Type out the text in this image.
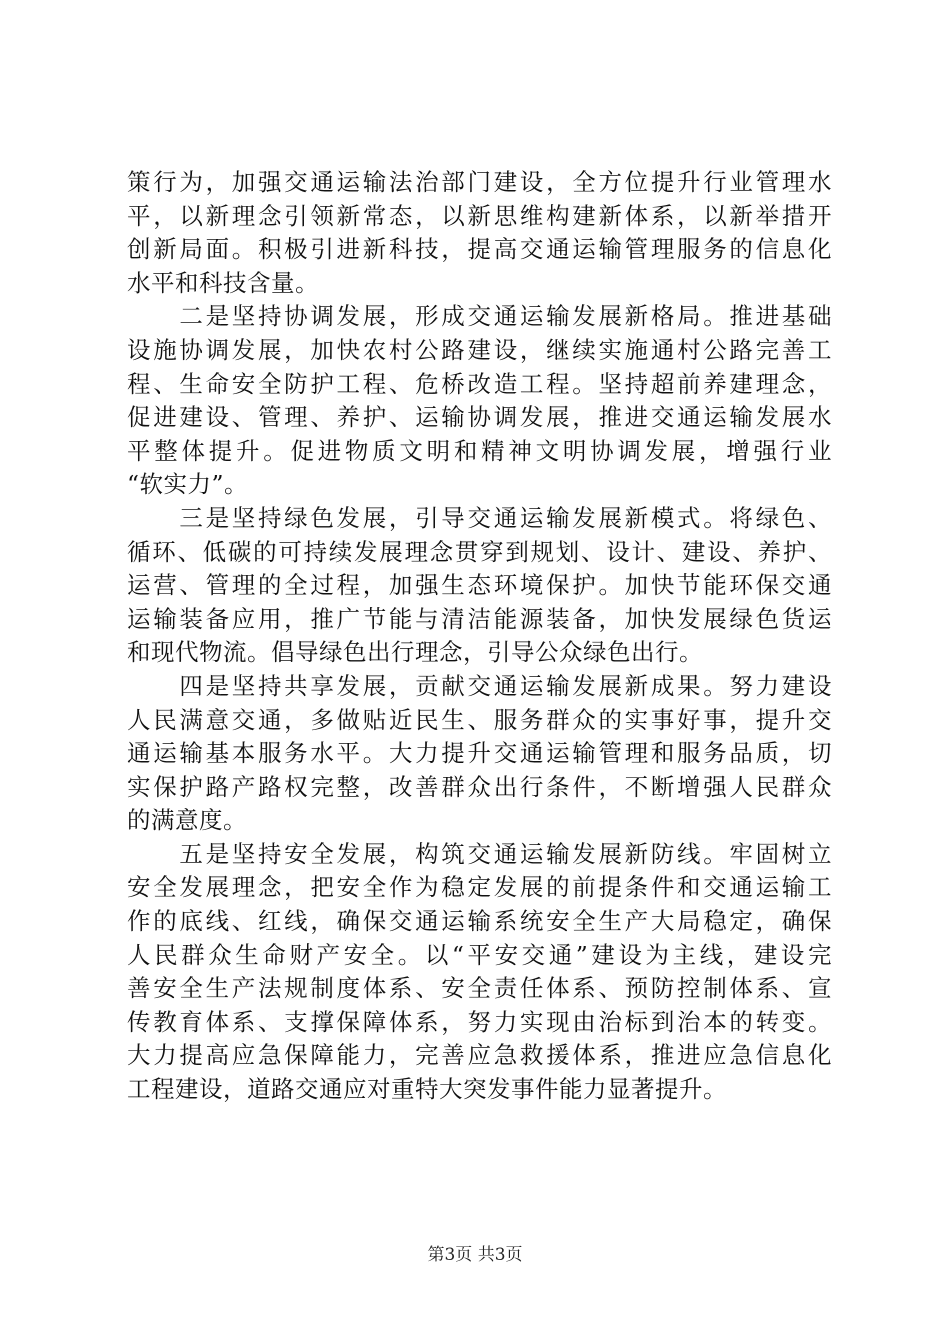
策行为，加强交通运输法治部门建设，全方位提升行业管理水
平，以新理念引领新常态，以新思维构建新体系，以新举措开
创新局面。积极引进新科技，提高交通运输管理服务的信息化
水平和科技含量。
　　二是坚持协调发展，形成交通运输发展新格局。推进基础
设施协调发展，加快农村公路建设，继续实施通村公路完善工
程、生命安全防护工程、危桥改造工程。坚持超前养建理念，
促进建设、管理、养护、运输协调发展，推进交通运输发展水
平整体提升。促进物质文明和精神文明协调发展，增强行业
“软实力”。
　　三是坚持绿色发展，引导交通运输发展新模式。将绿色、
循环、低碳的可持续发展理念贯穿到规划、设计、建设、养护、
运营、管理的全过程，加强生态环境保护。加快节能环保交通
运输装备应用，推广节能与清洁能源装备，加快发展绿色货运
和现代物流。倡导绿色出行理念，引导公众绿色出行。
　　四是坚持共享发展，贡献交通运输发展新成果。努力建设
人民满意交通，多做贴近民生、服务群众的实事好事，提升交
通运输基本服务水平。大力提升交通运输管理和服务品质，切
实保护路产路权完整，改善群众出行条件，不断增强人民群众
的满意度。
　　五是坚持安全发展，构筑交通运输发展新防线。牢固树立
安全发展理念，把安全作为稳定发展的前提条件和交通运输工
作的底线、红线，确保交通运输系统安全生产大局稳定，确保
人民群众生命财产安全。以“平安交通”建设为主线，建设完
善安全生产法规制度体系、安全责任体系、预防控制体系、宣
传教育体系、支撑保障体系，努力实现由治标到治本的转变。
大力提高应急保障能力，完善应急救援体系，推进应急信息化
工程建设，道路交通应对重特大突发事件能力显著提升。
第3页 共3页
